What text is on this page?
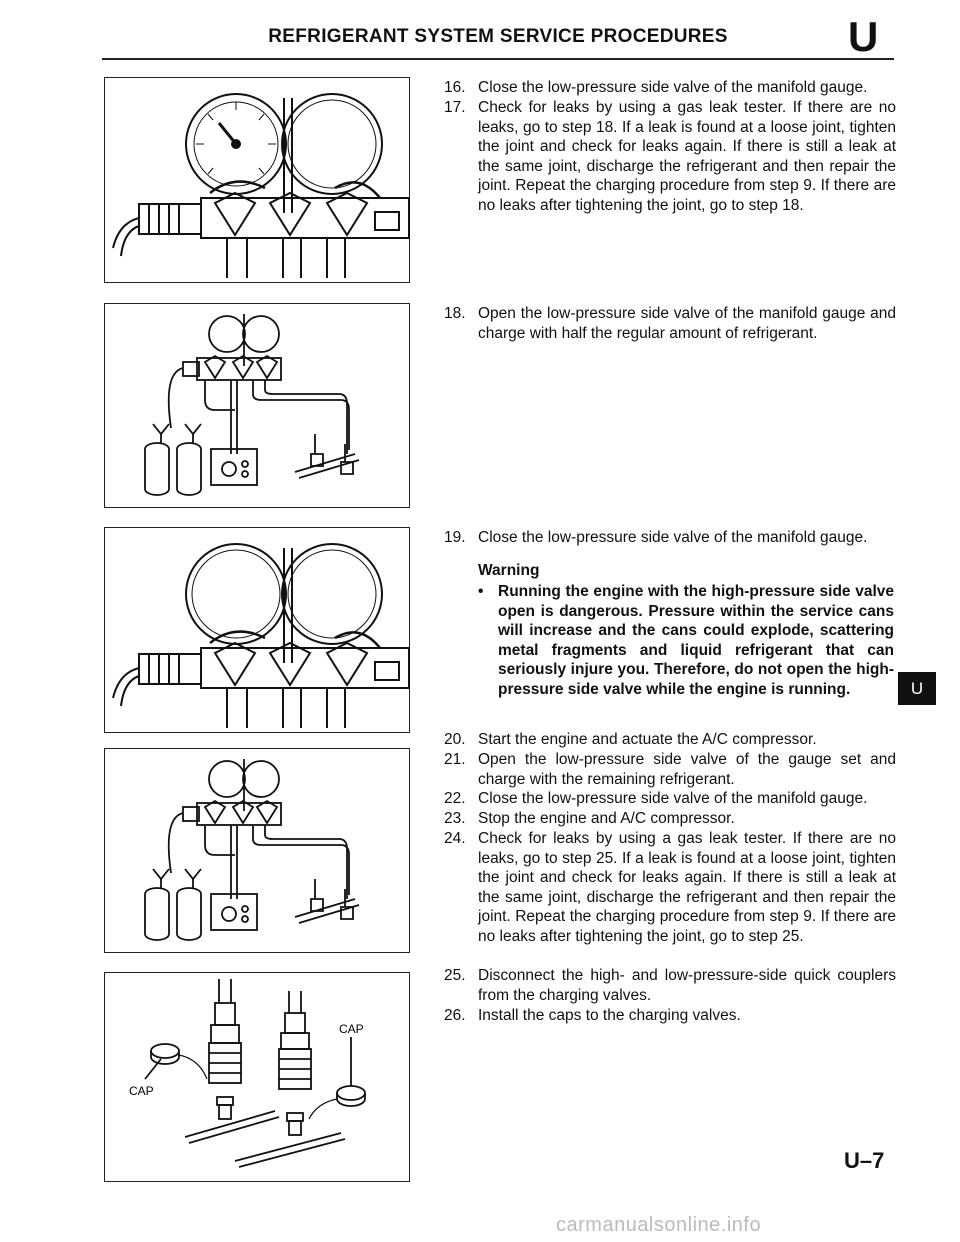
REFRIGERANT SYSTEM SERVICE PROCEDURES	U
CAP
CAP
16. Close the low-pressure side valve of the manifold gauge.
17. Check for leaks by using a gas leak tester. If there are no leaks, go to step 18. If a leak is found at a loose joint, tighten the joint and check for leaks again. If there is still a leak at the same joint, discharge the refrigerant and then repair the joint. Repeat the charging procedure from step 9. If there are no leaks after tightening the joint, go to step 18.
18. Open the low-pressure side valve of the manifold gauge and charge with half the regular amount of refrigerant.
19. Close the low-pressure side valve of the manifold gauge.
Warning
• Running the engine with the high-pressure side valve open is dangerous. Pressure within the service cans will increase and the cans could explode, scattering metal fragments and liquid refrigerant that can seriously injure you. Therefore, do not open the high-pressure side valve while the engine is running.	U
20. Start the engine and actuate the A/C compressor.
21. Open the low-pressure side valve of the gauge set and charge with the remaining refrigerant.
22. Close the low-pressure side valve of the manifold gauge.
23. Stop the engine and A/C compressor.
24. Check for leaks by using a gas leak tester. If there are no leaks, go to step 25. If a leak is found at a loose joint, tighten the joint and check for leaks again. If there is still a leak at the same joint, discharge the refrigerant and then repair the joint. Repeat the charging procedure from step 9. If there are no leaks after tightening the joint, go to step 25.
25. Disconnect the high- and low-pressure-side quick couplers from the charging valves.
26. Install the caps to the charging valves.
U–7
carmanualsonline.info
